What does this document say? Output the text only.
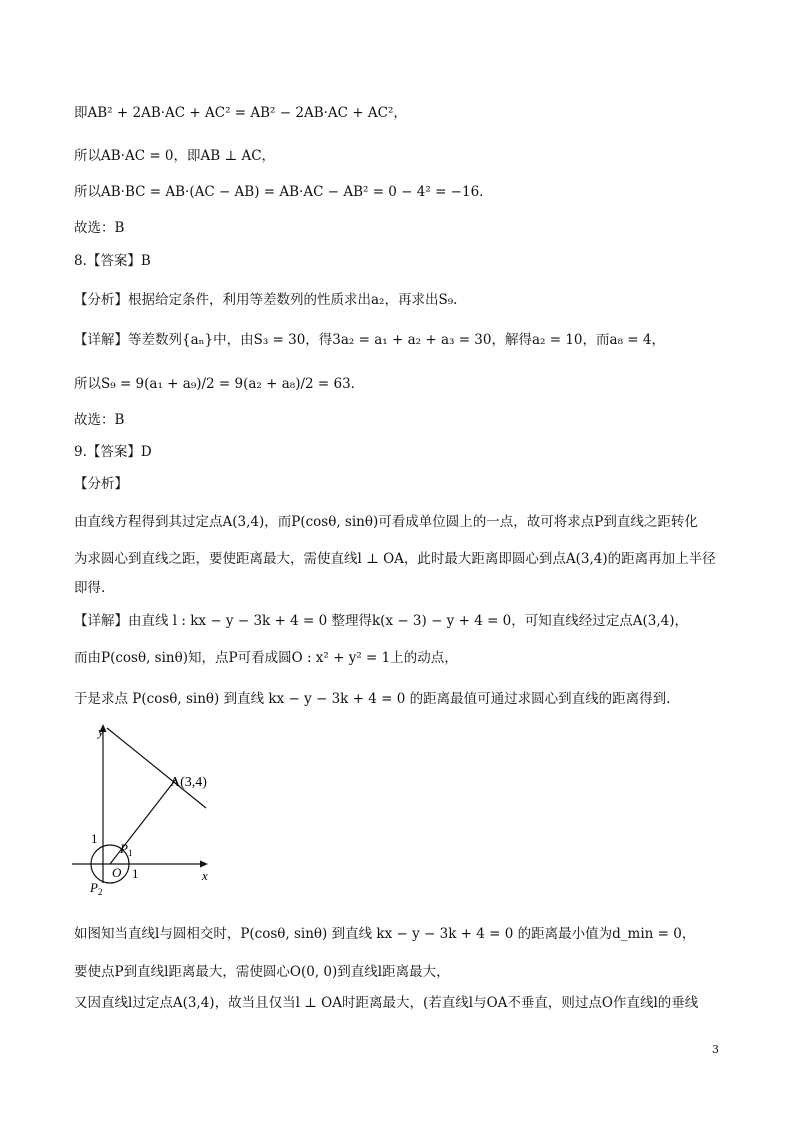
即AB² + 2AB·AC + AC² = AB² − 2AB·AC + AC²，
所以AB·AC = 0，即AB ⊥ AC，
所以AB·BC = AB·(AC − AB) = AB·AC − AB² = 0 − 4² = −16.
故选：B
8.【答案】B
【分析】根据给定条件，利用等差数列的性质求出a₂，再求出S₉.
【详解】等差数列{aₙ}中，由S₃ = 30，得3a₂ = a₁ + a₂ + a₃ = 30，解得a₂ = 10，而a₈ = 4，
所以S₉ = 9(a₁ + a₉)/2 = 9(a₂ + a₈)/2 = 63.
故选：B
9.【答案】D
【分析】
由直线方程得到其过定点A(3,4)，而P(cosθ, sinθ)可看成单位圆上的一点，故可将求点P到直线之距转化
为求圆心到直线之距，要使距离最大，需使直线l ⊥ OA，此时最大距离即圆心到点A(3,4)的距离再加上半径
即得.
【详解】由直线 l : kx − y − 3k + 4 = 0 整理得k(x − 3) − y + 4 = 0，可知直线经过定点A(3,4)，
而由P(cosθ, sinθ)知，点P可看成圆O : x² + y² = 1上的动点，
于是求点 P(cosθ, sinθ) 到直线 kx − y − 3k + 4 = 0 的距离最值可通过求圆心到直线的距离得到.
y
x
A(3,4)
1
1
O
$P_1$
$P_2$
如图知当直线l与圆相交时，P(cosθ, sinθ) 到直线 kx − y − 3k + 4 = 0 的距离最小值为d_min = 0，
要使点P到直线l距离最大，需使圆心O(0, 0)到直线l距离最大，
又因直线l过定点A(3,4)，故当且仅当l ⊥ OA时距离最大，(若直线l与OA不垂直，则过点O作直线l的垂线
3
